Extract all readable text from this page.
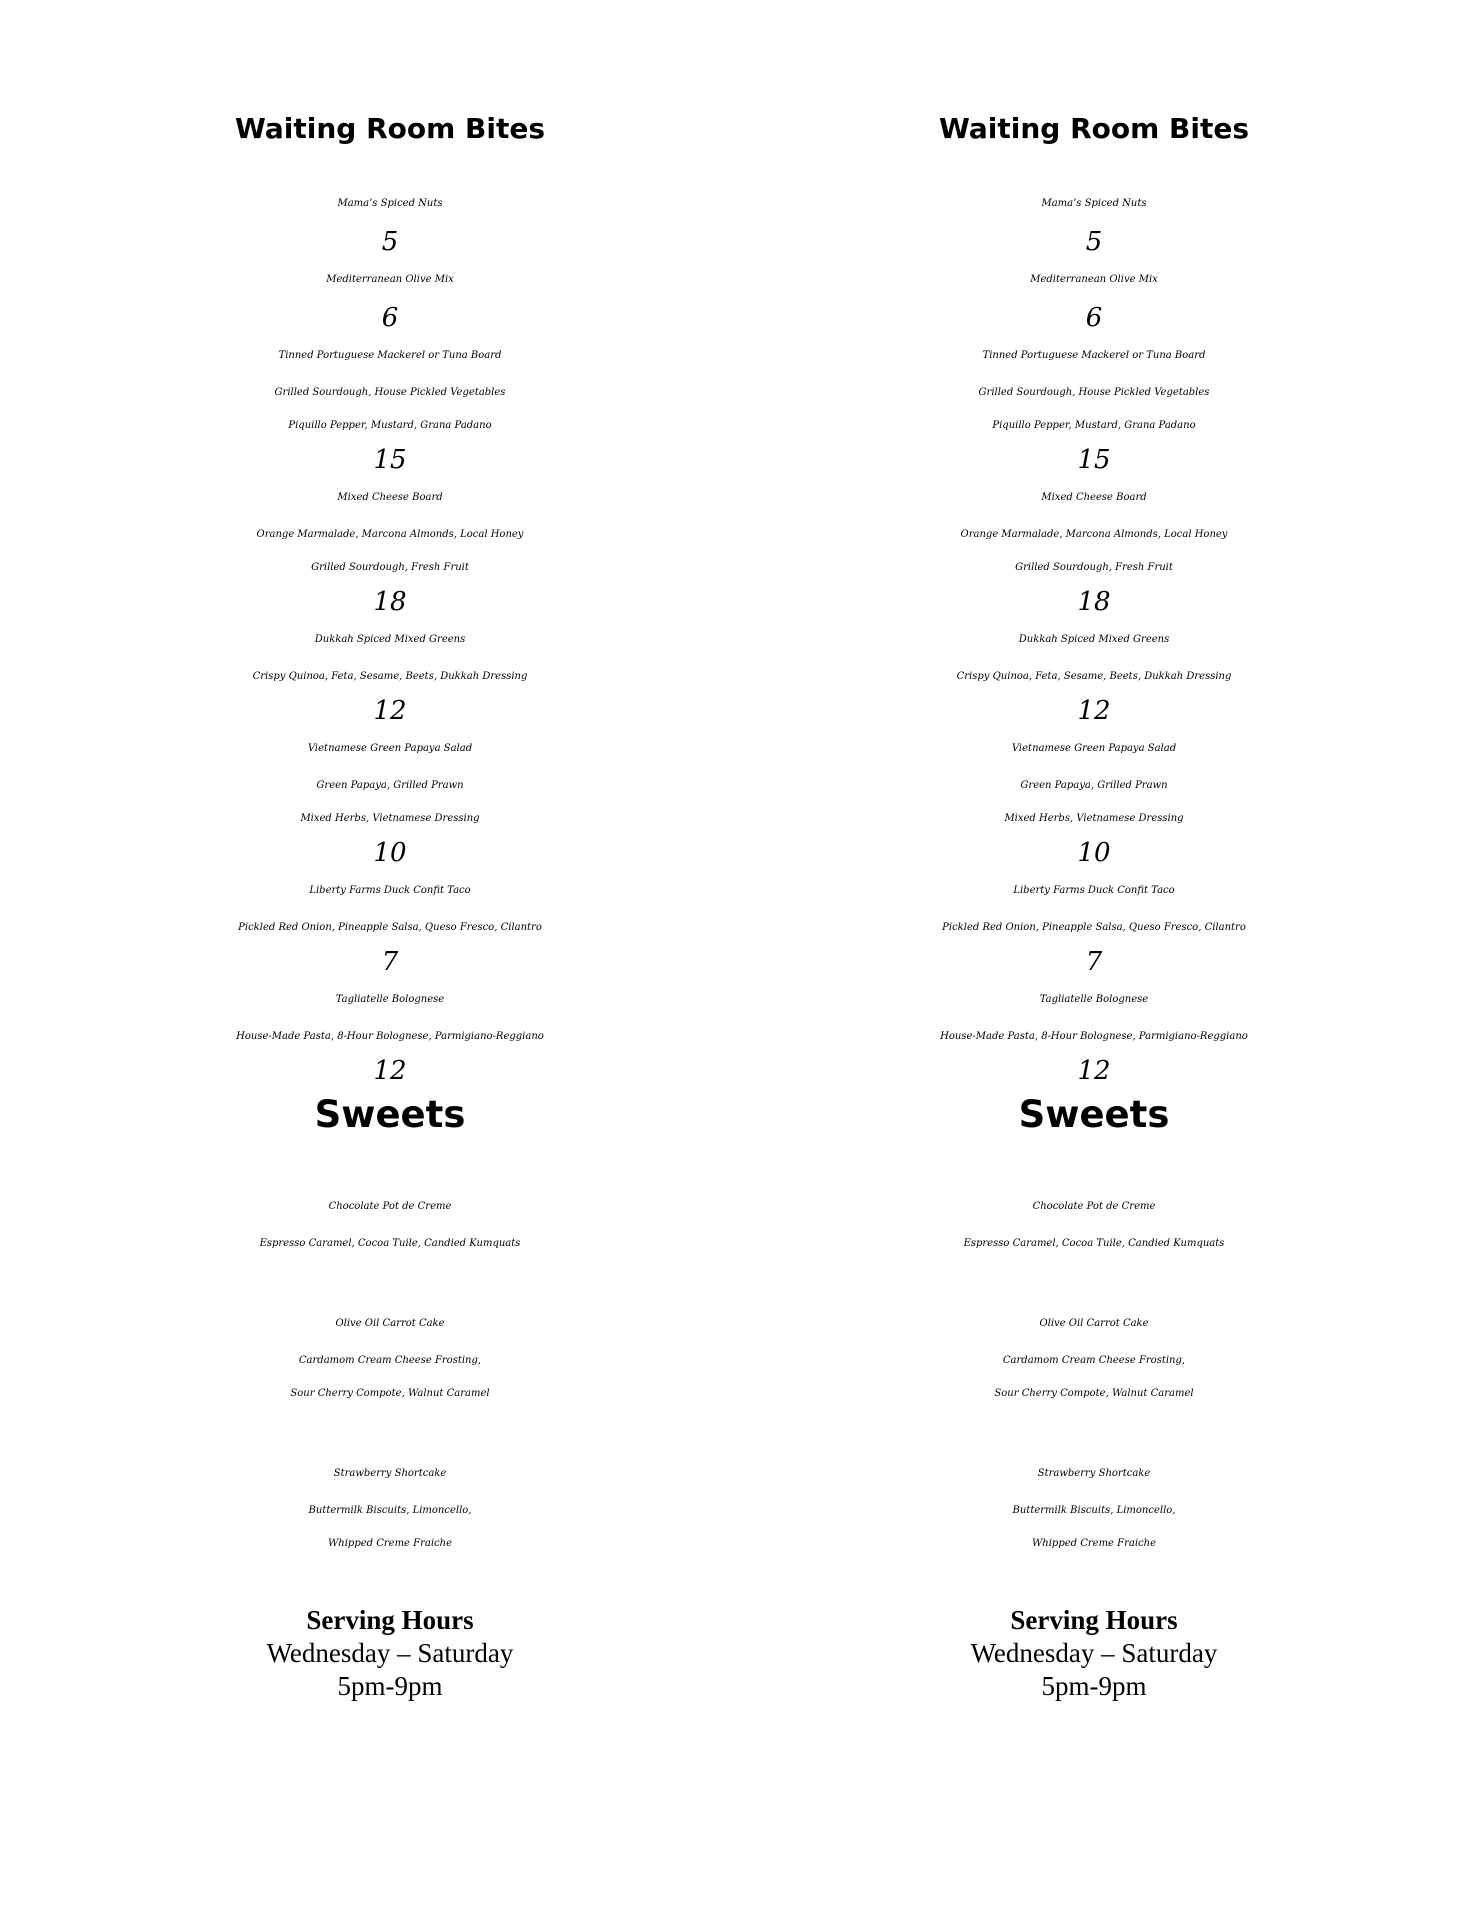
Waiting Room Bites
Mama’s Spiced Nuts
5
Mediterranean Olive Mix
6
Tinned Portuguese Mackerel or Tuna Board
Grilled Sourdough, House Pickled Vegetables
Piquillo Pepper, Mustard, Grana Padano
15
Mixed Cheese Board
Orange Marmalade, Marcona Almonds, Local Honey
Grilled Sourdough, Fresh Fruit
18
Dukkah Spiced Mixed Greens
Crispy Quinoa, Feta, Sesame, Beets, Dukkah Dressing
12
Vietnamese Green Papaya Salad
Green Papaya, Grilled Prawn
Mixed Herbs, Vietnamese Dressing
10
Liberty Farms Duck Confit Taco
Pickled Red Onion, Pineapple Salsa, Queso Fresco, Cilantro
7
Tagliatelle Bolognese
House-Made Pasta, 8-Hour Bolognese, Parmigiano-Reggiano
12
Sweets
Chocolate Pot de Creme
Espresso Caramel, Cocoa Tuile, Candied Kumquats
Olive Oil Carrot Cake
Cardamom Cream Cheese Frosting,
Sour Cherry Compote, Walnut Caramel
Strawberry Shortcake
Buttermilk Biscuits, Limoncello,
Whipped Creme Fraiche
Serving Hours
Wednesday – Saturday
5pm-9pm
Waiting Room Bites
Mama’s Spiced Nuts
5
Mediterranean Olive Mix
6
Tinned Portuguese Mackerel or Tuna Board
Grilled Sourdough, House Pickled Vegetables
Piquillo Pepper, Mustard, Grana Padano
15
Mixed Cheese Board
Orange Marmalade, Marcona Almonds, Local Honey
Grilled Sourdough, Fresh Fruit
18
Dukkah Spiced Mixed Greens
Crispy Quinoa, Feta, Sesame, Beets, Dukkah Dressing
12
Vietnamese Green Papaya Salad
Green Papaya, Grilled Prawn
Mixed Herbs, Vietnamese Dressing
10
Liberty Farms Duck Confit Taco
Pickled Red Onion, Pineapple Salsa, Queso Fresco, Cilantro
7
Tagliatelle Bolognese
House-Made Pasta, 8-Hour Bolognese, Parmigiano-Reggiano
12
Sweets
Chocolate Pot de Creme
Espresso Caramel, Cocoa Tuile, Candied Kumquats
Olive Oil Carrot Cake
Cardamom Cream Cheese Frosting,
Sour Cherry Compote, Walnut Caramel
Strawberry Shortcake
Buttermilk Biscuits, Limoncello,
Whipped Creme Fraiche
Serving Hours
Wednesday – Saturday
5pm-9pm
